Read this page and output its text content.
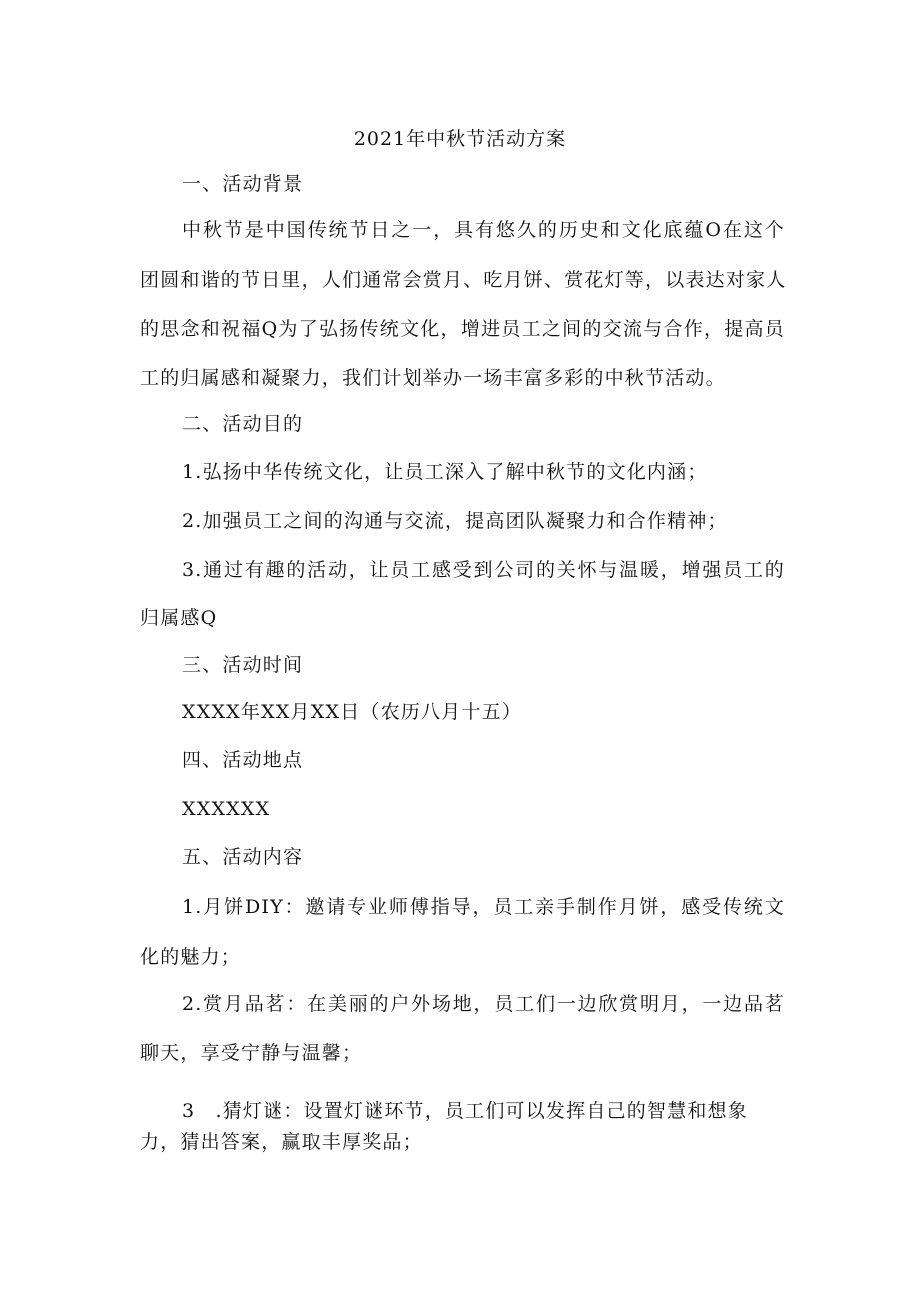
2021年中秋节活动方案
一、活动背景
中秋节是中国传统节日之一，具有悠久的历史和文化底蕴O在这个
团圆和谐的节日里，人们通常会赏月、吃月饼、赏花灯等，以表达对家人
的思念和祝福Q为了弘扬传统文化，增进员工之间的交流与合作，提高员
工的归属感和凝聚力，我们计划举办一场丰富多彩的中秋节活动。
二、活动目的
1.弘扬中华传统文化，让员工深入了解中秋节的文化内涵；
2.加强员工之间的沟通与交流，提高团队凝聚力和合作精神；
3.通过有趣的活动，让员工感受到公司的关怀与温暖，增强员工的
归属感Q
三、活动时间
XXXX年XX月XX日（农历八月十五）
四、活动地点
XXXXXX
五、活动内容
1.月饼DIY：邀请专业师傅指导，员工亲手制作月饼，感受传统文
化的魅力；
2.赏月品茗：在美丽的户外场地，员工们一边欣赏明月，一边品茗
聊天，享受宁静与温馨；
3　.猜灯谜：设置灯谜环节，员工们可以发挥自己的智慧和想象
力，猜出答案，赢取丰厚奖品；
